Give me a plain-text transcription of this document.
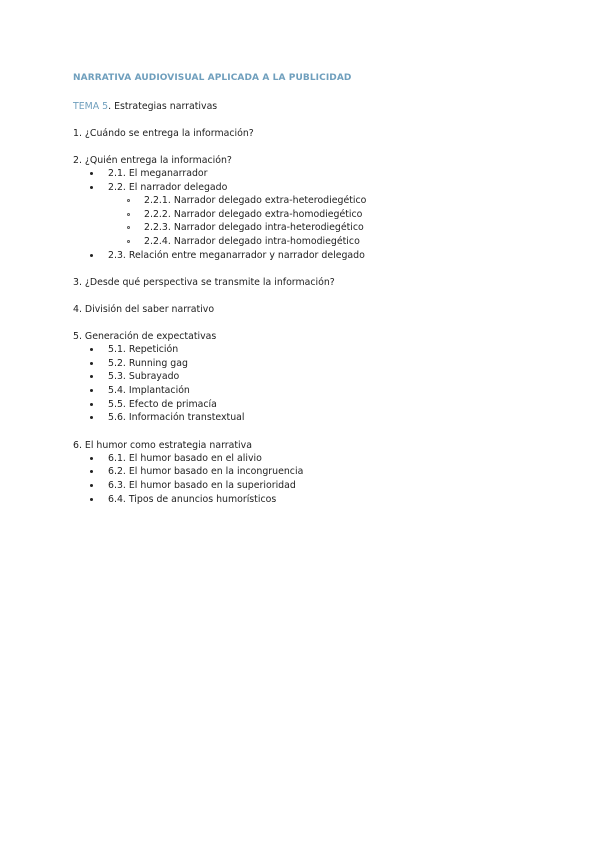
NARRATIVA AUDIOVISUAL APLICADA A LA PUBLICIDAD
TEMA 5. Estrategias narrativas
1. ¿Cuándo se entrega la información?
2. ¿Quién entrega la información?
2.1. El meganarrador
2.2. El narrador delegado
2.2.1. Narrador delegado extra-heterodiegético
2.2.2. Narrador delegado extra-homodiegético
2.2.3. Narrador delegado intra-heterodiegético
2.2.4. Narrador delegado intra-homodiegético
2.3. Relación entre meganarrador y narrador delegado
3. ¿Desde qué perspectiva se transmite la información?
4. División del saber narrativo
5. Generación de expectativas
5.1. Repetición
5.2. Running gag
5.3. Subrayado
5.4. Implantación
5.5. Efecto de primacía
5.6. Información transtextual
6. El humor como estrategia narrativa
6.1. El humor basado en el alivio
6.2. El humor basado en la incongruencia
6.3. El humor basado en la superioridad
6.4. Tipos de anuncios humorísticos
